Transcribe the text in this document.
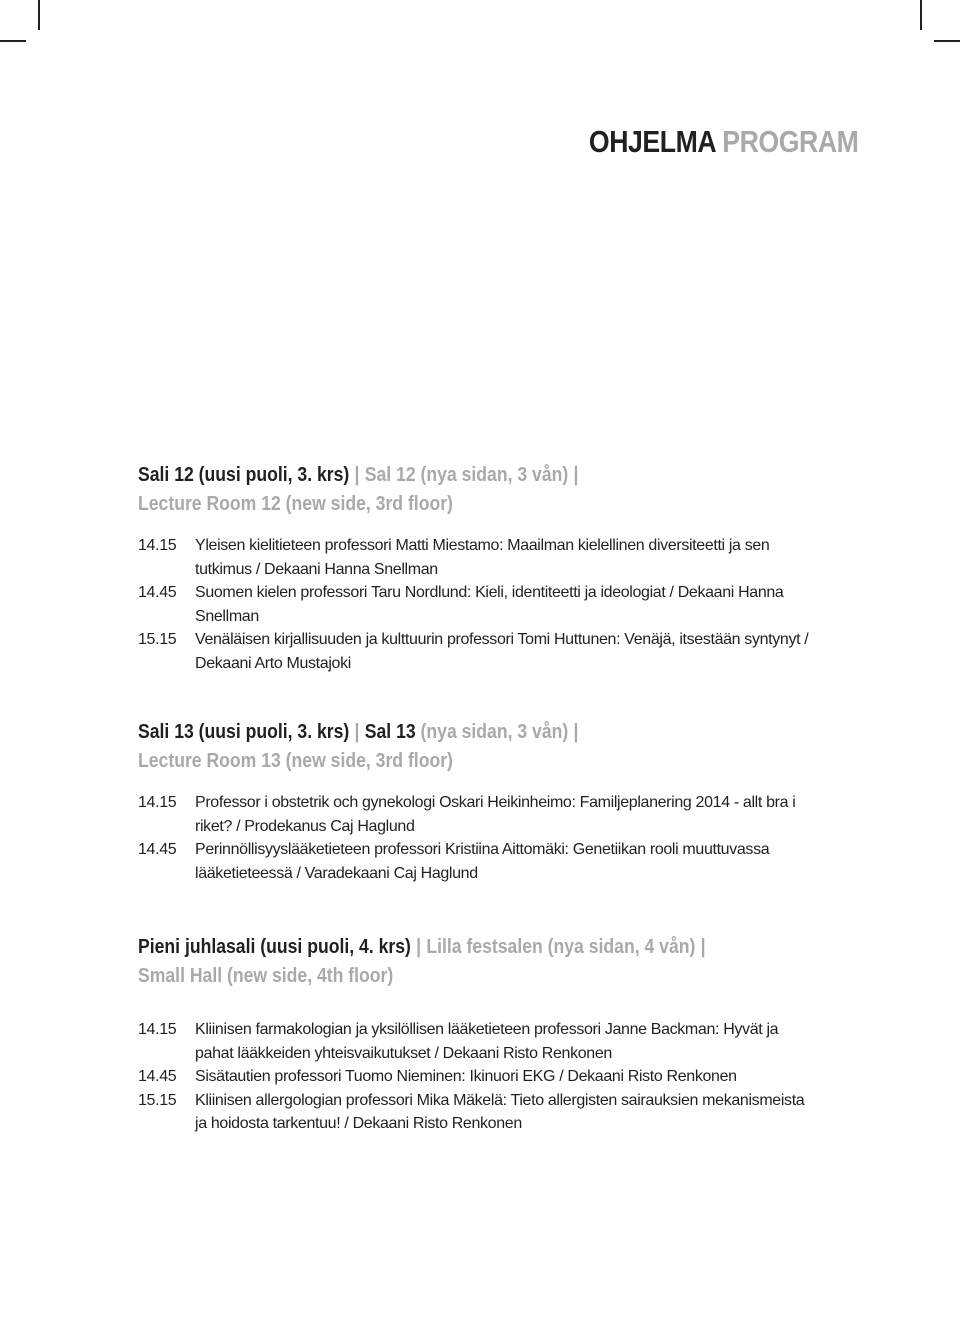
OHJELMA PROGRAM
Sali 12 (uusi puoli, 3. krs) | Sal 12 (nya sidan, 3 vån) |
Lecture Room 12 (new side, 3rd floor)
14.15	Yleisen kielitieteen professori Matti Miestamo: Maailman kielellinen diversiteetti ja sen tutkimus / Dekaani Hanna Snellman
14.45	Suomen kielen professori Taru Nordlund: Kieli, identiteetti ja ideologiat / Dekaani Hanna Snellman
15.15	Venäläisen kirjallisuuden ja kulttuurin professori Tomi Huttunen: Venäjä, itsestään syntynyt / Dekaani Arto Mustajoki
Sali 13 (uusi puoli, 3. krs) | Sal 13 (nya sidan, 3 vån) |
Lecture Room 13 (new side, 3rd floor)
14.15	Professor i obstetrik och gynekologi Oskari Heikinheimo: Familjeplanering 2014 - allt bra i riket? / Prodekanus Caj Haglund
14.45	Perinnöllisyyslääketieteen professori Kristiina Aittomäki: Genetiikan rooli muuttuvassa lääketieteessä / Varadekaani Caj Haglund
Pieni juhlasali (uusi puoli, 4. krs) | Lilla festsalen (nya sidan, 4 vån) |
Small Hall (new side, 4th floor)
14.15	Kliinisen farmakologian ja yksilöllisen lääketieteen professori Janne Backman: Hyvät ja pahat lääkkeiden yhteisvaikutukset / Dekaani Risto Renkonen
14.45	Sisätautien professori Tuomo Nieminen: Ikinuori EKG / Dekaani Risto Renkonen
15.15	Kliinisen allergologian professori Mika Mäkelä: Tieto allergisten sairauksien mekanismeista ja hoidosta tarkentuu! / Dekaani Risto Renkonen
